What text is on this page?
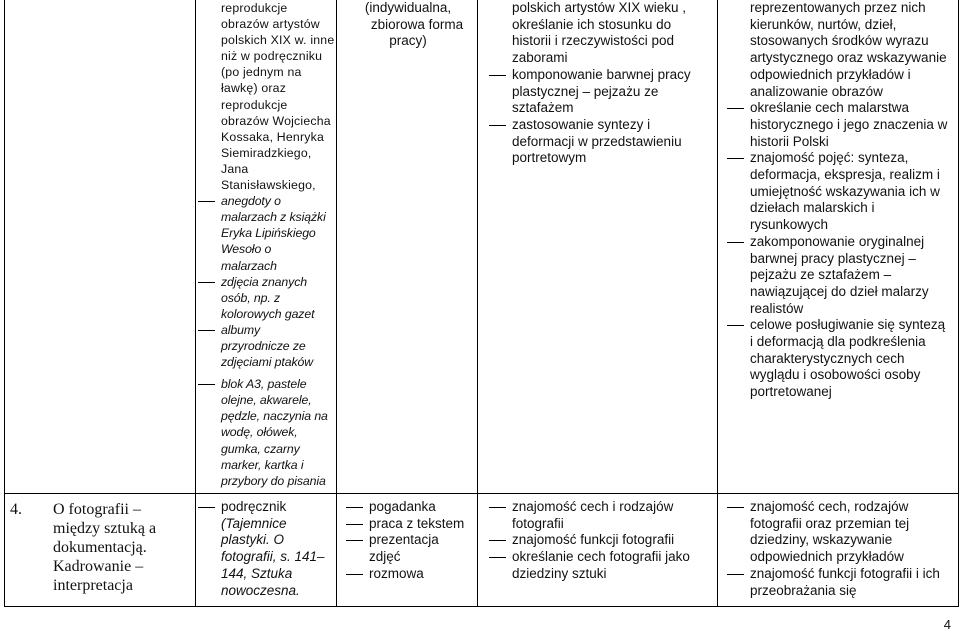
reprodukcje
obrazów artystów
polskich XIX w. inne
niż w podręczniku
(po jednym na
ławkę) oraz
reprodukcje
obrazów Wojciecha
Kossaka, Henryka
Siemiradzkiego,
Jana
Stanisławskiego,
anegdoty o
malarzach z książki
Eryka Lipińskiego
Wesoło o
malarzach
zdjęcia znanych
osób, np. z
kolorowych gazet
albumy
przyrodnicze ze
zdjęciami ptaków
blok A3, pastele
olejne, akwarele,
pędzle, naczynia na
wodę, ołówek,
gumka, czarny
marker, kartka i
przybory do pisania
(indywidualna,
zbiorowa forma
pracy)
polskich artystów XIX wieku ,
określanie ich stosunku do
historii i rzeczywistości pod
zaborami
komponowanie barwnej pracy
plastycznej – pejzażu ze
sztafażem
zastosowanie syntezy i
deformacji w przedstawieniu
portretowym
reprezentowanych przez nich
kierunków, nurtów, dzieł,
stosowanych środków wyrazu
artystycznego oraz wskazywanie
odpowiednich przykładów i
analizowanie obrazów
określanie cech malarstwa
historycznego i jego znaczenia w
historii Polski
znajomość pojęć: synteza,
deformacja, ekspresja, realizm i
umiejętność wskazywania ich w
dziełach malarskich i
rysunkowych
zakomponowanie oryginalnej
barwnej pracy plastycznej –
pejzażu ze sztafażem –
nawiązującej do dzieł malarzy
realistów
celowe posługiwanie się syntezą
i deformacją dla podkreślenia
charakterystycznych cech
wyglądu i osobowości osoby
portretowanej
4. O fotografii –
między sztuką a
dokumentacją.
Kadrowanie –
interpretacja
podręcznik
(Tajemnice
plastyki. O
fotografii, s. 141–
144, Sztuka
nowoczesna.
pogadanka
praca z tekstem
prezentacja
zdjęć
rozmowa
znajomość cech i rodzajów
fotografii
znajomość funkcji fotografii
określanie cech fotografii jako
dziedziny sztuki
znajomość cech, rodzajów
fotografii oraz przemian tej
dziedziny, wskazywanie
odpowiednich przykładów
znajomość funkcji fotografii i ich
przeobrażania się
4
